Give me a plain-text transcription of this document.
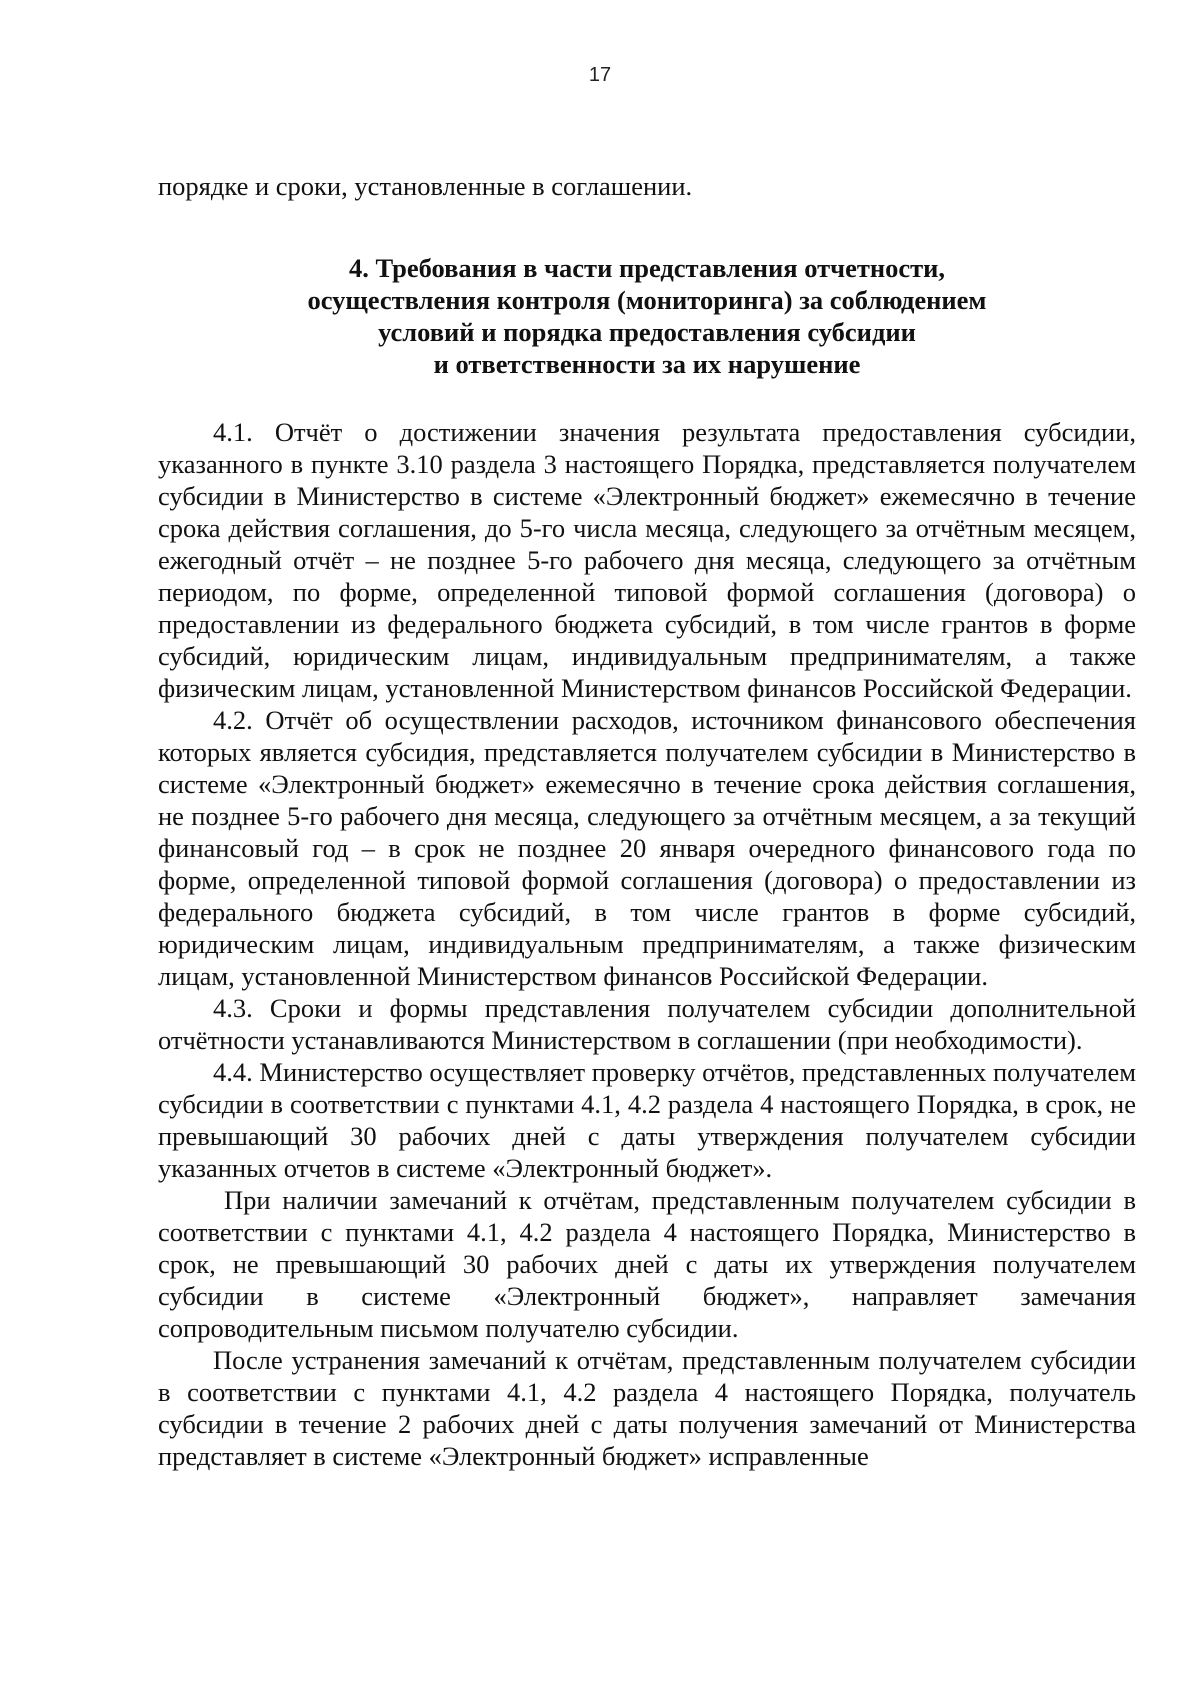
17
порядке и сроки, установленные в соглашении.
4. Требования в части представления отчетности,
осуществления контроля (мониторинга) за соблюдением
условий и порядка предоставления субсидии
и ответственности за их нарушение

4.1. Отчёт о достижении значения результата предоставления субсидии, указанного в пункте 3.10 раздела 3 настоящего Порядка, представляется получателем субсидии в Министерство в системе «Электронный бюджет» ежемесячно в течение срока действия соглашения, до 5-го числа месяца, следующего за отчётным месяцем, ежегодный отчёт – не позднее 5-го рабочего дня месяца, следующего за отчётным периодом, по форме, определенной типовой формой соглашения (договора) о предоставлении из федерального бюджета субсидий, в том числе грантов в форме субсидий, юридическим лицам, индивидуальным предпринимателям, а также физическим лицам, установленной Министерством финансов Российской Федерации.

4.2. Отчёт об осуществлении расходов, источником финансового обеспечения которых является субсидия, представляется получателем субсидии в Министерство в системе «Электронный бюджет» ежемесячно в течение срока действия соглашения, не позднее 5-го рабочего дня месяца, следующего за отчётным месяцем, а за текущий финансовый год – в срок не позднее 20 января очередного финансового года по форме, определенной типовой формой соглашения (договора) о предоставлении из федерального бюджета субсидий, в том числе грантов в форме субсидий, юридическим лицам, индивидуальным предпринимателям, а также физическим лицам, установленной Министерством финансов Российской Федерации.

4.3. Сроки и формы представления получателем субсидии дополнительной отчётности устанавливаются Министерством в соглашении (при необходимости).

4.4. Министерство осуществляет проверку отчётов, представленных получателем субсидии в соответствии с пунктами 4.1, 4.2 раздела 4 настоящего Порядка, в срок, не превышающий 30 рабочих дней с даты утверждения получателем субсидии указанных отчетов в системе «Электронный бюджет».

При наличии замечаний к отчётам, представленным получателем субсидии в соответствии с пунктами 4.1, 4.2 раздела 4 настоящего Порядка, Министерство в срок, не превышающий 30 рабочих дней с даты их утверждения получателем субсидии в системе «Электронный бюджет», направляет замечания сопроводительным письмом получателю субсидии.

После устранения замечаний к отчётам, представленным получателем субсидии в соответствии с пунктами 4.1, 4.2 раздела 4 настоящего Порядка, получатель субсидии в течение 2 рабочих дней с даты получения замечаний от Министерства представляет в системе «Электронный бюджет» исправленные
